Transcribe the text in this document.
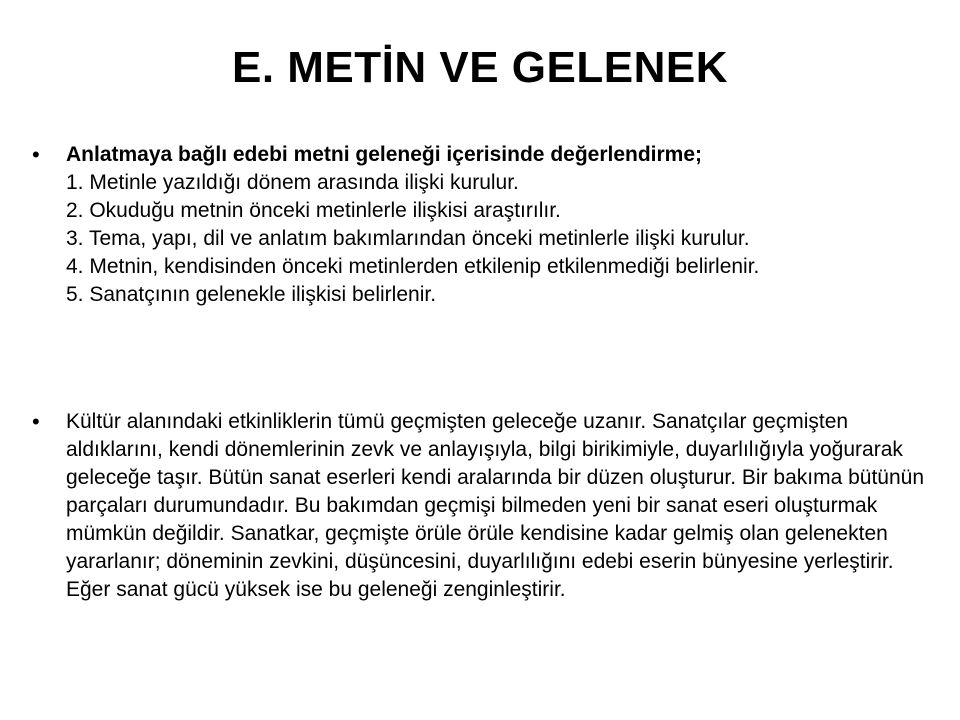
E. METİN VE GELENEK
• Anlatmaya bağlı edebi metni geleneği içerisinde değerlendirme;
1. Metinle yazıldığı dönem arasında ilişki kurulur.
2. Okuduğu metnin önceki metinlerle ilişkisi araştırılır.
3. Tema, yapı, dil ve anlatım bakımlarından önceki metinlerle ilişki kurulur.
4. Metnin, kendisinden önceki metinlerden etkilenip etkilenmediği belirlenir.
5. Sanatçının gelenekle ilişkisi belirlenir.
• Kültür alanındaki etkinliklerin tümü geçmişten geleceğe uzanır. Sanatçılar geçmişten aldıklarını, kendi dönemlerinin zevk ve anlayışıyla, bilgi birikimiyle, duyarlılığıyla yoğurarak geleceğe taşır. Bütün sanat eserleri kendi aralarında bir düzen oluşturur. Bir bakıma bütünün parçaları durumundadır. Bu bakımdan geçmişi bilmeden yeni bir sanat eseri oluşturmak mümkün değildir. Sanatkar, geçmişte örüle örüle kendisine kadar gelmiş olan gelenekten yararlanır; döneminin zevkini, düşüncesini, duyarlılığını edebi eserin bünyesine yerleştirir. Eğer sanat gücü yüksek ise bu geleneği zenginleştirir.
